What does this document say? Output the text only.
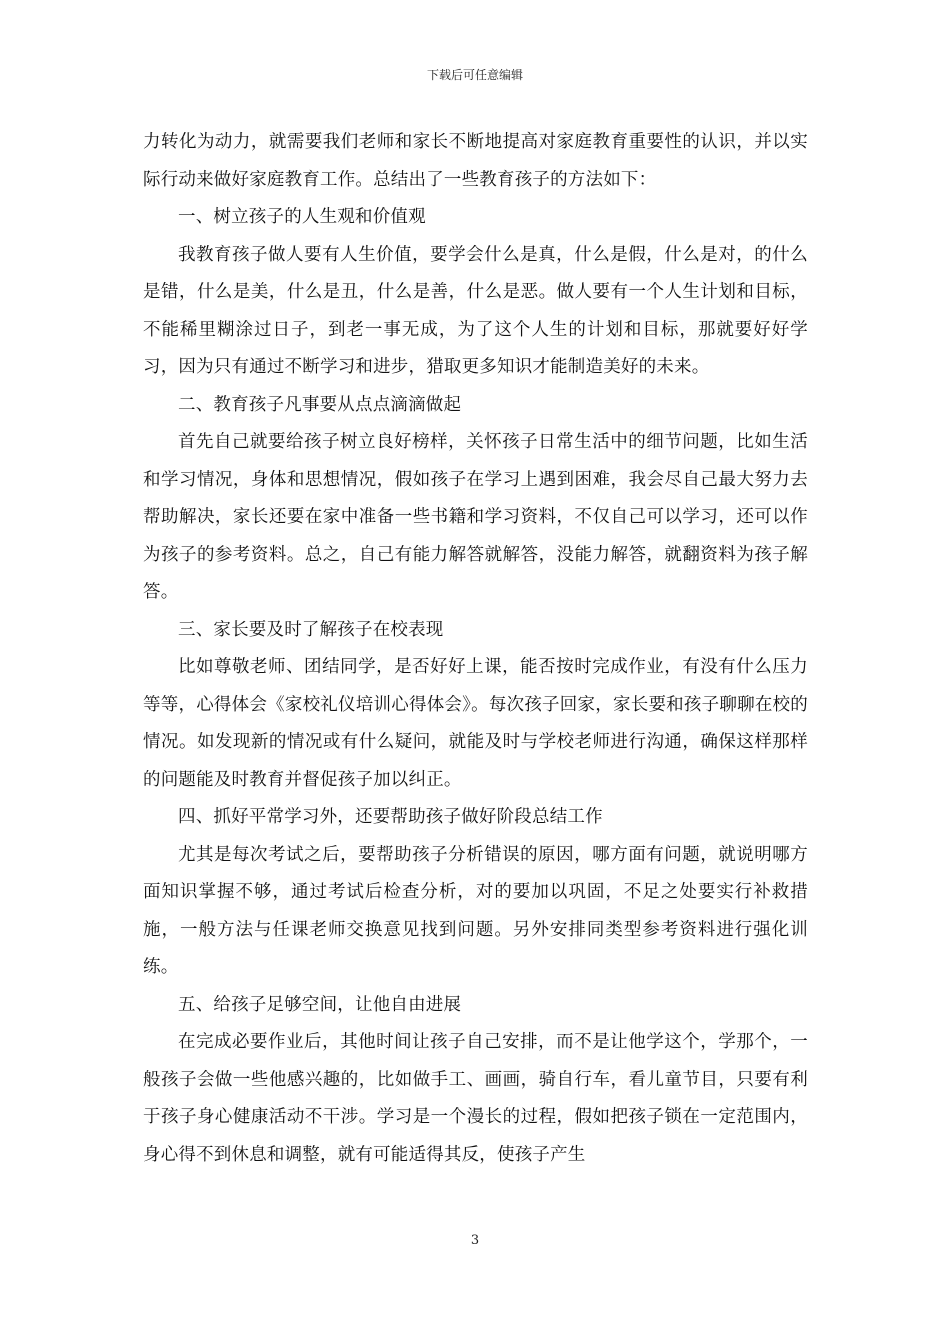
下载后可任意编辑

力转化为动力，就需要我们老师和家长不断地提高对家庭教育重要性的认识，并以实际行动来做好家庭教育工作。总结出了一些教育孩子的方法如下：

一、树立孩子的人生观和价值观

我教育孩子做人要有人生价值，要学会什么是真，什么是假，什么是对，的什么是错，什么是美，什么是丑，什么是善，什么是恶。做人要有一个人生计划和目标，不能稀里糊涂过日子，到老一事无成，为了这个人生的计划和目标，那就要好好学习，因为只有通过不断学习和进步，猎取更多知识才能制造美好的未来。

二、教育孩子凡事要从点点滴滴做起

首先自己就要给孩子树立良好榜样，关怀孩子日常生活中的细节问题，比如生活和学习情况，身体和思想情况，假如孩子在学习上遇到困难，我会尽自己最大努力去帮助解决，家长还要在家中准备一些书籍和学习资料，不仅自己可以学习，还可以作为孩子的参考资料。总之，自己有能力解答就解答，没能力解答，就翻资料为孩子解答。

三、家长要及时了解孩子在校表现

比如尊敬老师、团结同学，是否好好上课，能否按时完成作业，有没有什么压力等等，心得体会《家校礼仪培训心得体会》。每次孩子回家，家长要和孩子聊聊在校的情况。如发现新的情况或有什么疑问，就能及时与学校老师进行沟通，确保这样那样的问题能及时教育并督促孩子加以纠正。

四、抓好平常学习外，还要帮助孩子做好阶段总结工作

尤其是每次考试之后，要帮助孩子分析错误的原因，哪方面有问题，就说明哪方面知识掌握不够，通过考试后检查分析，对的要加以巩固，不足之处要实行补救措施，一般方法与任课老师交换意见找到问题。另外安排同类型参考资料进行强化训练。

五、给孩子足够空间，让他自由进展

在完成必要作业后，其他时间让孩子自己安排，而不是让他学这个，学那个，一般孩子会做一些他感兴趣的，比如做手工、画画，骑自行车，看儿童节目，只要有利于孩子身心健康活动不干涉。学习是一个漫长的过程，假如把孩子锁在一定范围内，身心得不到休息和调整，就有可能适得其反，使孩子产生

3
